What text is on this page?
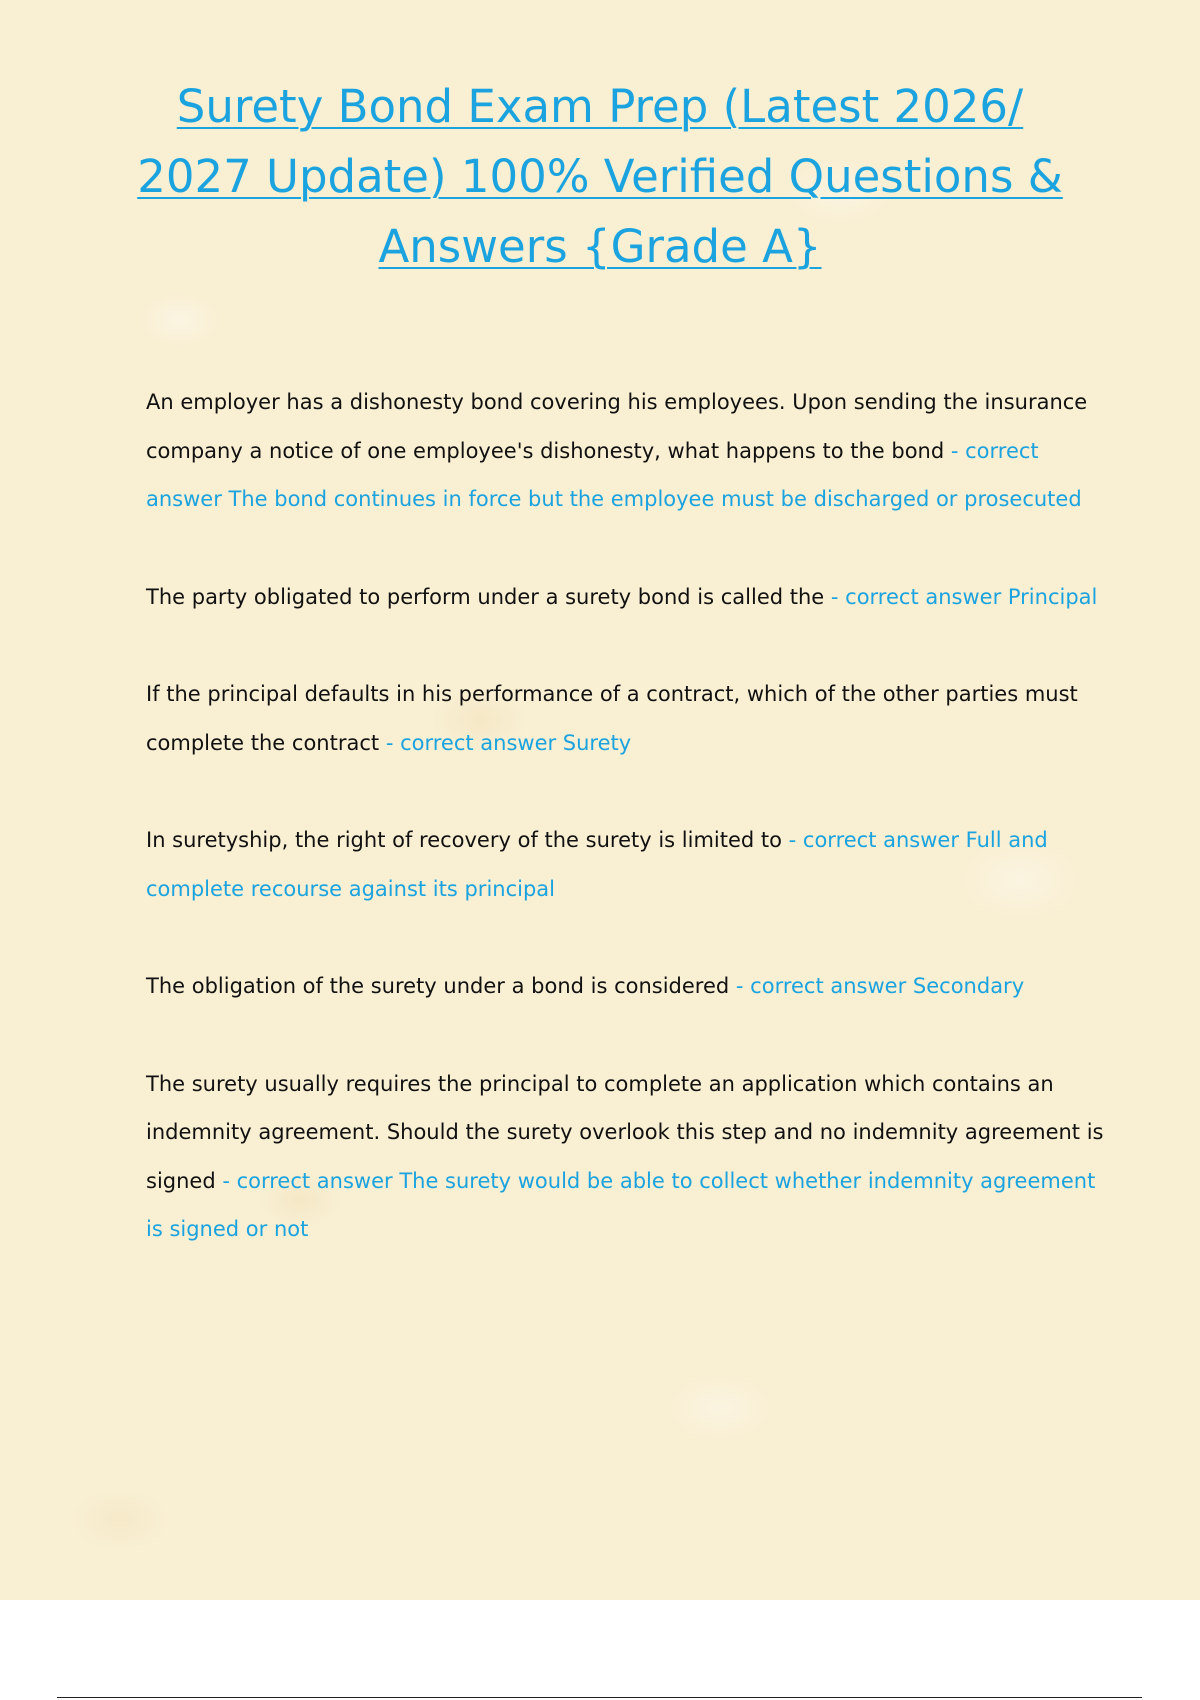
Surety Bond Exam Prep (Latest 2026/ 2027 Update) 100% Verified Questions & Answers {Grade A}

An employer has a dishonesty bond covering his employees. Upon sending the insurance company a notice of one employee's dishonesty, what happens to the bond - correct answer The bond continues in force but the employee must be discharged or prosecuted

The party obligated to perform under a surety bond is called the - correct answer Principal

If the principal defaults in his performance of a contract, which of the other parties must complete the contract - correct answer Surety

In suretyship, the right of recovery of the surety is limited to - correct answer Full and complete recourse against its principal

The obligation of the surety under a bond is considered - correct answer Secondary

The surety usually requires the principal to complete an application which contains an indemnity agreement. Should the surety overlook this step and no indemnity agreement is signed - correct answer The surety would be able to collect whether indemnity agreement is signed or not
